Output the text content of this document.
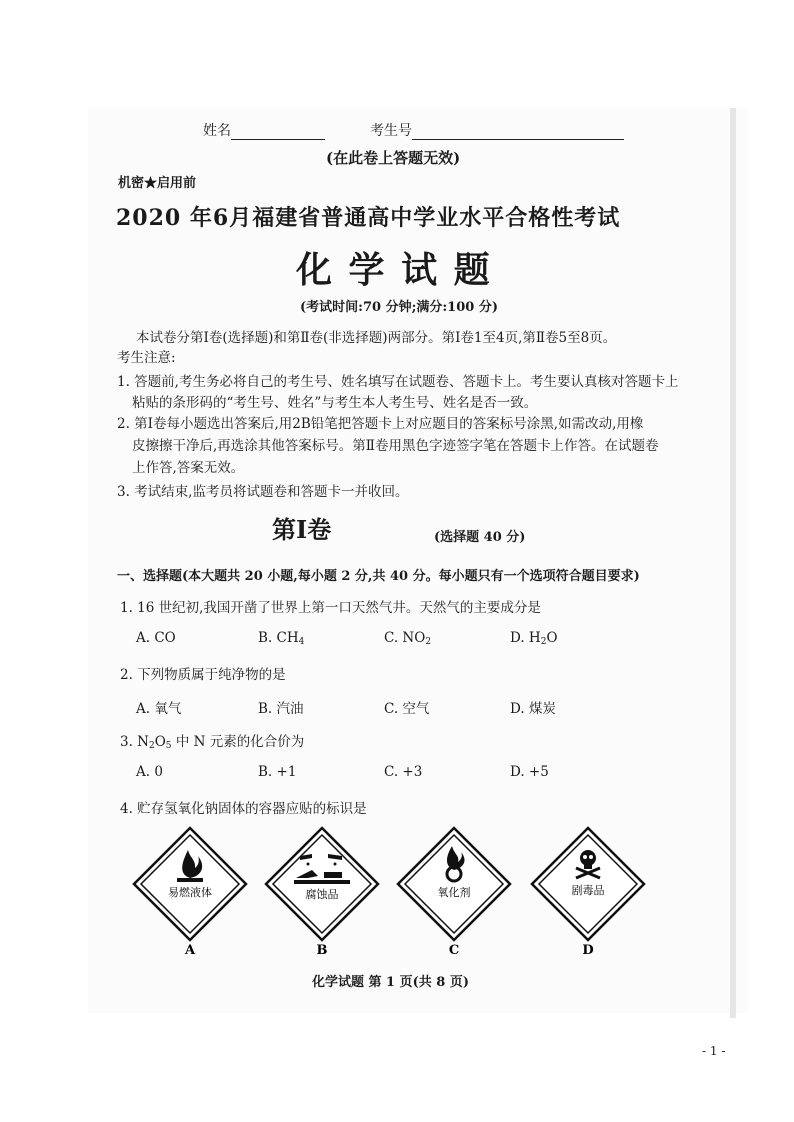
姓名	考生号
(在此卷上答题无效)
机密★启用前
2020 年6月福建省普通高中学业水平合格性考试
化 学 试 题
(考试时间:70 分钟;满分:100 分)
本试卷分第Ⅰ卷(选择题)和第Ⅱ卷(非选择题)两部分。第Ⅰ卷1至4页,第Ⅱ卷5至8页。
考生注意:
1. 答题前,考生务必将自己的考生号、姓名填写在试题卷、答题卡上。考生要认真核对答题卡上
粘贴的条形码的“考生号、姓名”与考生本人考生号、姓名是否一致。
2. 第Ⅰ卷每小题选出答案后,用2B铅笔把答题卡上对应题目的答案标号涂黑,如需改动,用橡
皮擦擦干净后,再选涂其他答案标号。第Ⅱ卷用黑色字迹签字笔在答题卡上作答。在试题卷
上作答,答案无效。
3. 考试结束,监考员将试题卷和答题卡一并收回。
第Ⅰ卷	(选择题 40 分)
一、选择题(本大题共 20 小题,每小题 2 分,共 40 分。每小题只有一个选项符合题目要求)
1. 16 世纪初,我国开凿了世界上第一口天然气井。天然气的主要成分是
A. CO	B. $CH_4$	C. $NO_2$	D. $H_2O$
2. 下列物质属于纯净物的是
A. 氧气	B. 汽油	C. 空气	D. 煤炭
3. $N_2O_5$ 中 N 元素的化合价为
A. 0	B. +1	C. +3	D. +5
4. 贮存氢氧化钠固体的容器应贴的标识是
易燃液体	腐蚀品	氧化剂	剧毒品
A	B	C	D
化学试题 第 1 页(共 8 页)
- 1 -
